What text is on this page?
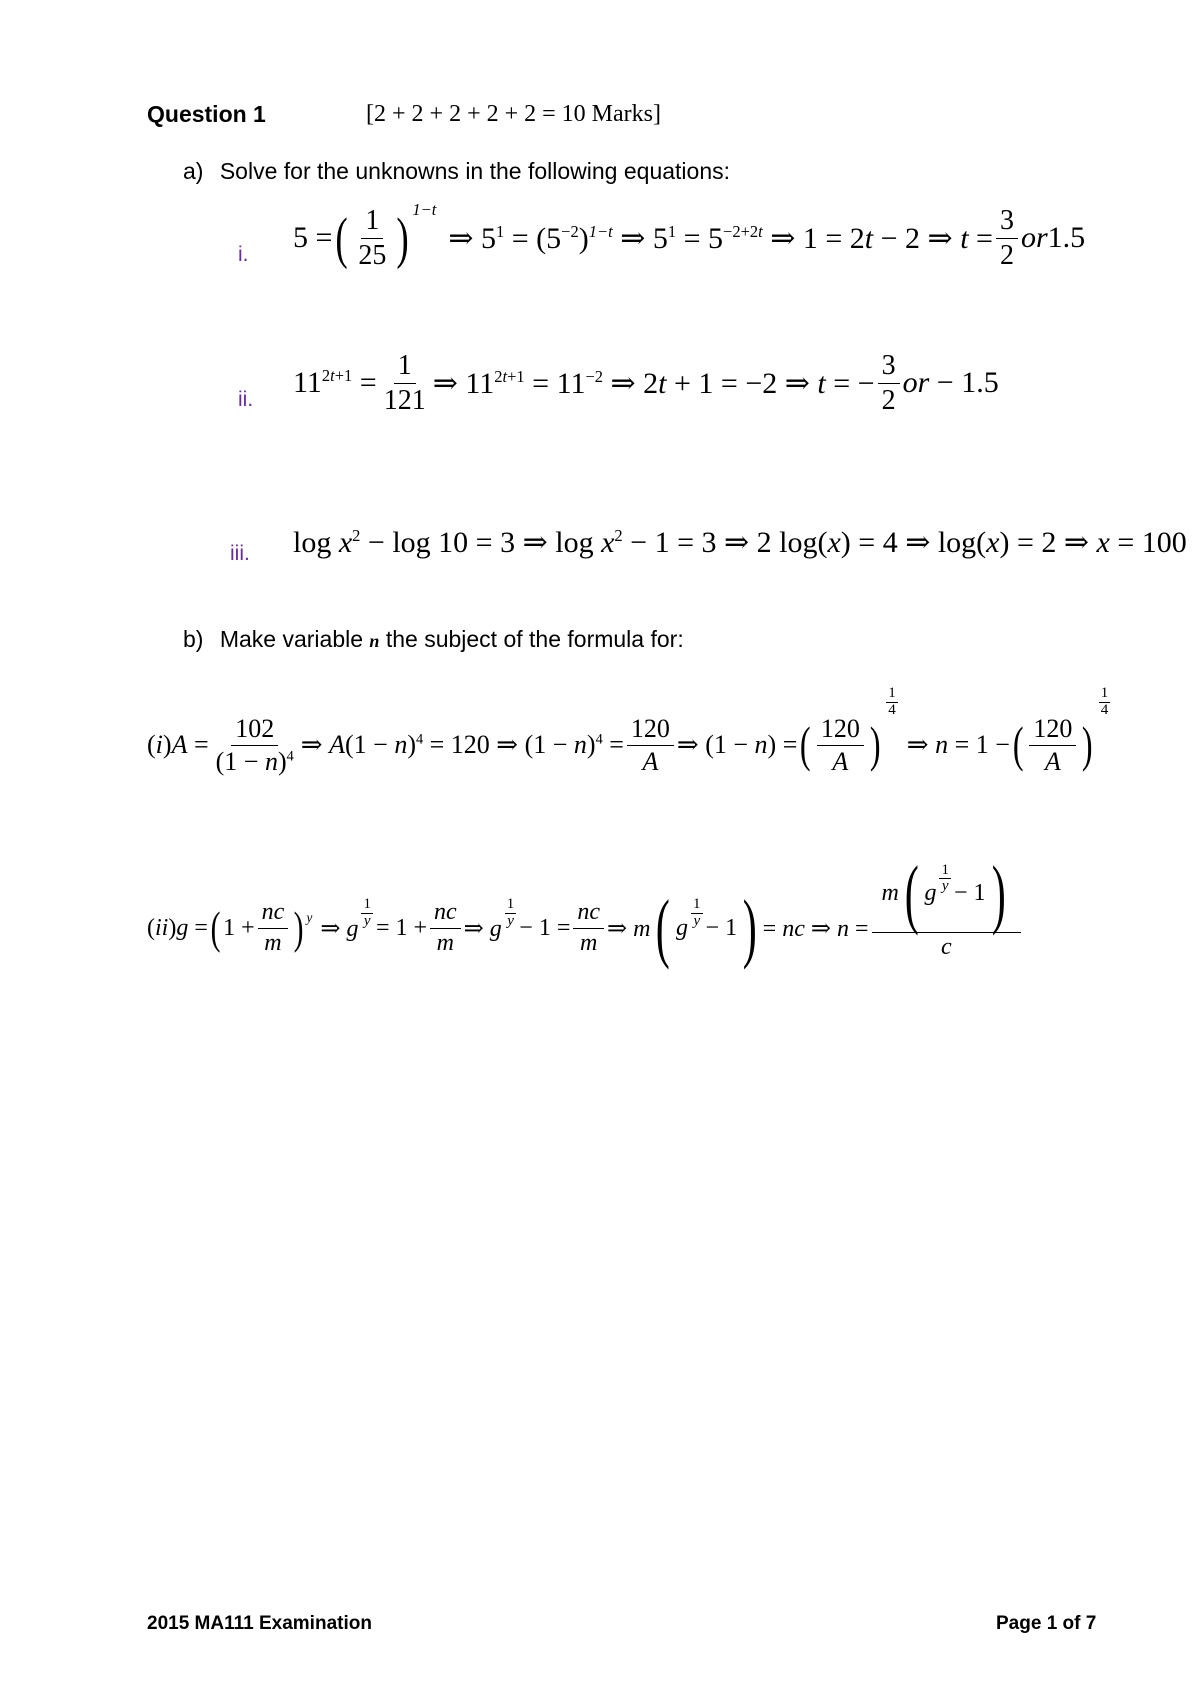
Question 1	[2 + 2 + 2 + 2 + 2 = 10 Marks]
a) Solve for the unknowns in the following equations:
i.
5 = ( $\frac{1}{25} )^{1-t}$
⇒ $5^1 = (5^{-2})^{1-t}$ ⇒ $5^1 = 5^{-2+2t}$ ⇒ 1 = 2t − 2 ⇒ $t = \frac{3}{2} or1.5$
ii.
$11^{2t+1} = \frac{1}{121}$ ⇒ $11^{2t+1} = 11^{-2}$ ⇒ 2t + 1 = −2 ⇒ t = − $\frac{3}{2}$ or − 1.5
iii. $\log x^2 - \log 10 = 3$ ⇒ $\log x^2 - 1 = 3$ ⇒ 2 log(x) = 4 ⇒ log(x) = 2 ⇒ x = 100
b) Make variable n the subject of the formula for:
$(i)A = \frac{102}{(1 - n)^4}$ ⇒ $A(1 - n)^4 = 120$ ⇒ $(1 - n)^4 = \frac{120}{A}$ ⇒ (1 − n) = ( $\frac{120}{A}$ )
$\frac{1}{4}$
⇒ n = 1 − ( $\frac{120}{A}$ )
$\frac{1}{4}$
(ii)g = ( $1 + \frac{nc}{m} )^y$ ⇒ g $\frac{1}{y} = 1 + \frac{nc}{m}$ ⇒ g $\frac{1}{y} - 1 = \frac{nc}{m}$ ⇒ m ( g $\frac{1}{y} - 1$ ) = nc ⇒ $n = \frac{m ( g \frac{1}{y} - 1 )}{c}$
2015 MA111 Examination	Page 1 of 7
